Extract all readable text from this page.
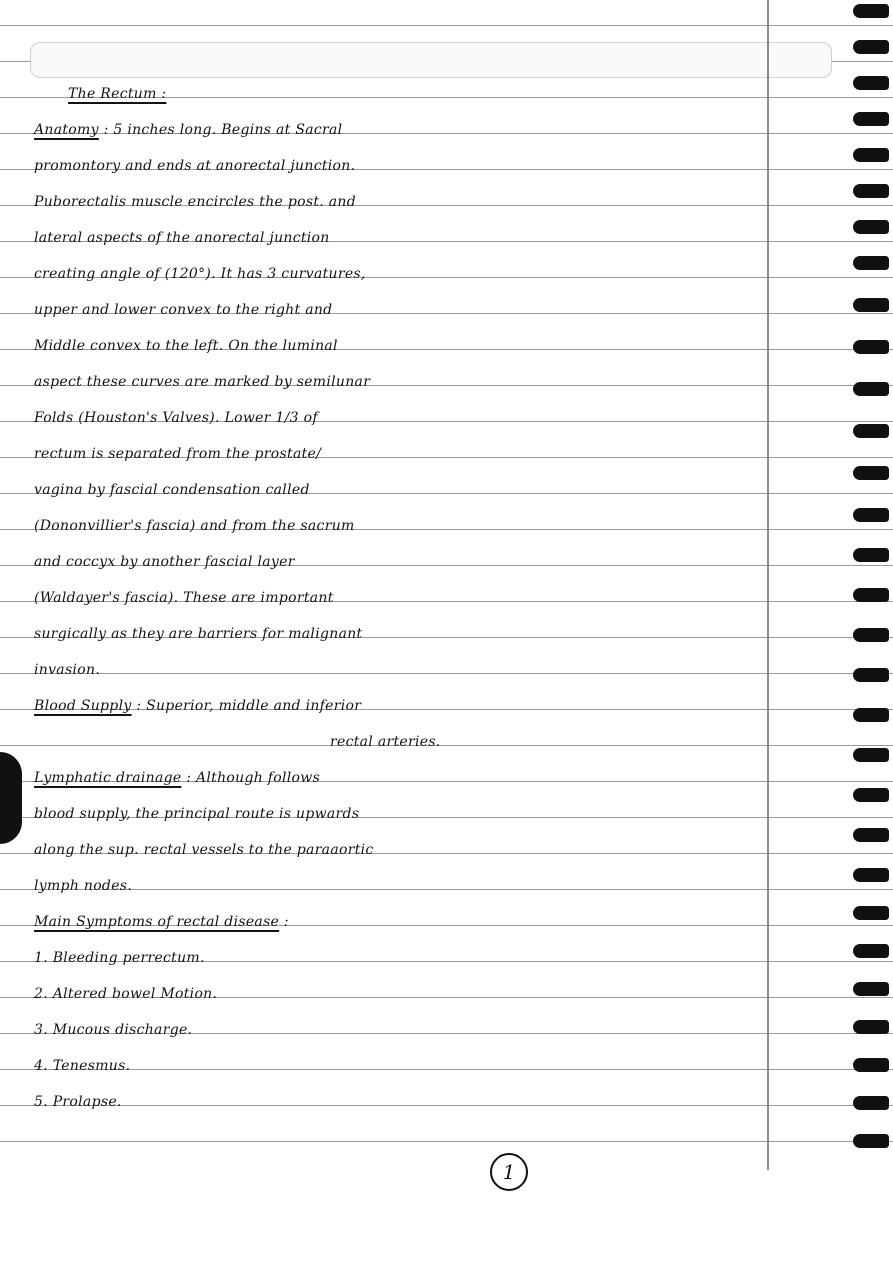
The Rectum :
Anatomy : 5 inches long. Begins at Sacral
promontory and ends at anorectal junction.
Puborectalis muscle encircles the post. and
lateral aspects of the anorectal junction
creating angle of (120°). It has 3 curvatures,
upper and lower convex to the right and
Middle convex to the left. On the luminal
aspect these curves are marked by semilunar
Folds (Houston's Valves). Lower 1/3 of
rectum is separated from the prostate/
vagina by fascial condensation called
(Dononvillier's fascia) and from the sacrum
and coccyx by another fascial layer
(Waldayer's fascia). These are important
surgically as they are barriers for malignant
invasion.
Blood Supply : Superior, middle and inferior
rectal arteries.
Lymphatic drainage : Although follows
blood supply, the principal route is upwards
along the sup. rectal vessels to the paraaortic
lymph nodes.
Main Symptoms of rectal disease :
1. Bleeding perrectum.
2. Altered bowel Motion.
3. Mucous discharge.
4. Tenesmus.
5. Prolapse.
1
